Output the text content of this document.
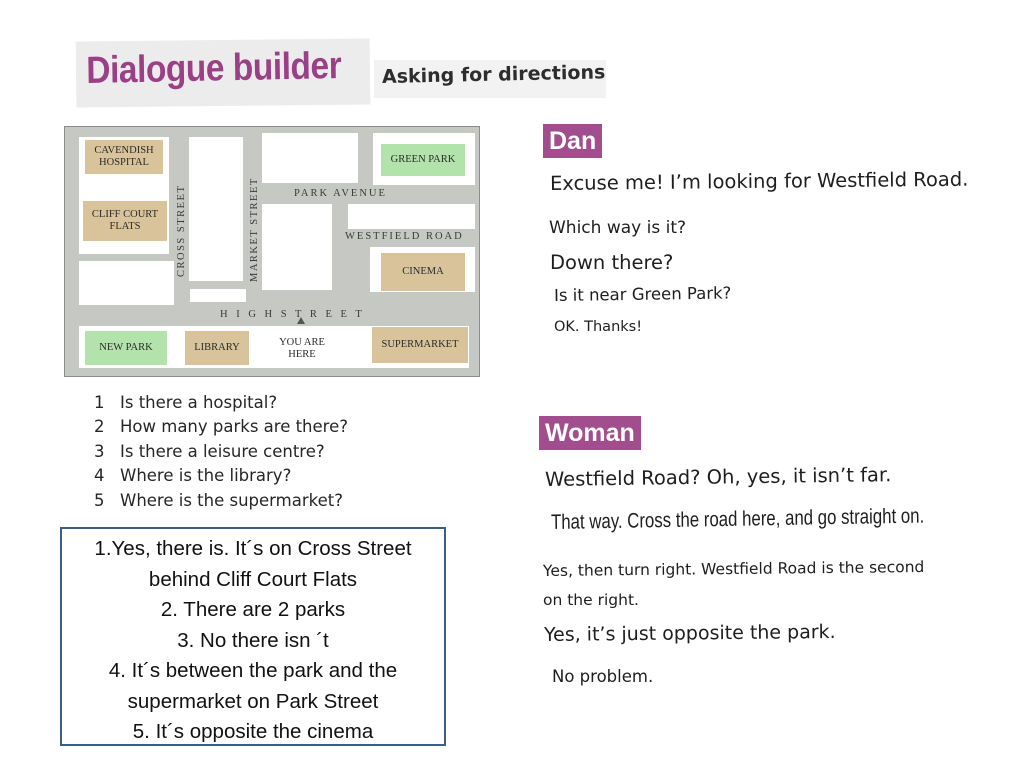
Dialogue builder Asking for directions
CAVENDISH
HOSPITAL
CLIFF COURT
FLATS
GREEN PARK
CINEMA
NEW PARK	LIBRARY	YOU ARE
HERE
SUPERMARKET
PARK AVENUE
WESTFIELD ROAD
H I G H S T R E E T
CROSS STREET	MARKET STREET
1 Is there a hospital?
2 How many parks are there?
3 Is there a leisure centre?
4 Where is the library?
5 Where is the supermarket?
1.Yes, there is. It´s on Cross Street
behind Cliff Court Flats
2. There are 2 parks
3. No there isn ´t
4. It´s between the park and the
supermarket on Park Street
5. It´s opposite the cinema
Dan
Excuse me! I’m looking for Westfield Road.
Which way is it?
Down there?
Is it near Green Park?
OK. Thanks!
Woman
Westfield Road? Oh, yes, it isn’t far.
That way. Cross the road here, and go straight on.
Yes, then turn right. Westfield Road is the second
on the right.
Yes, it’s just opposite the park.
No problem.
